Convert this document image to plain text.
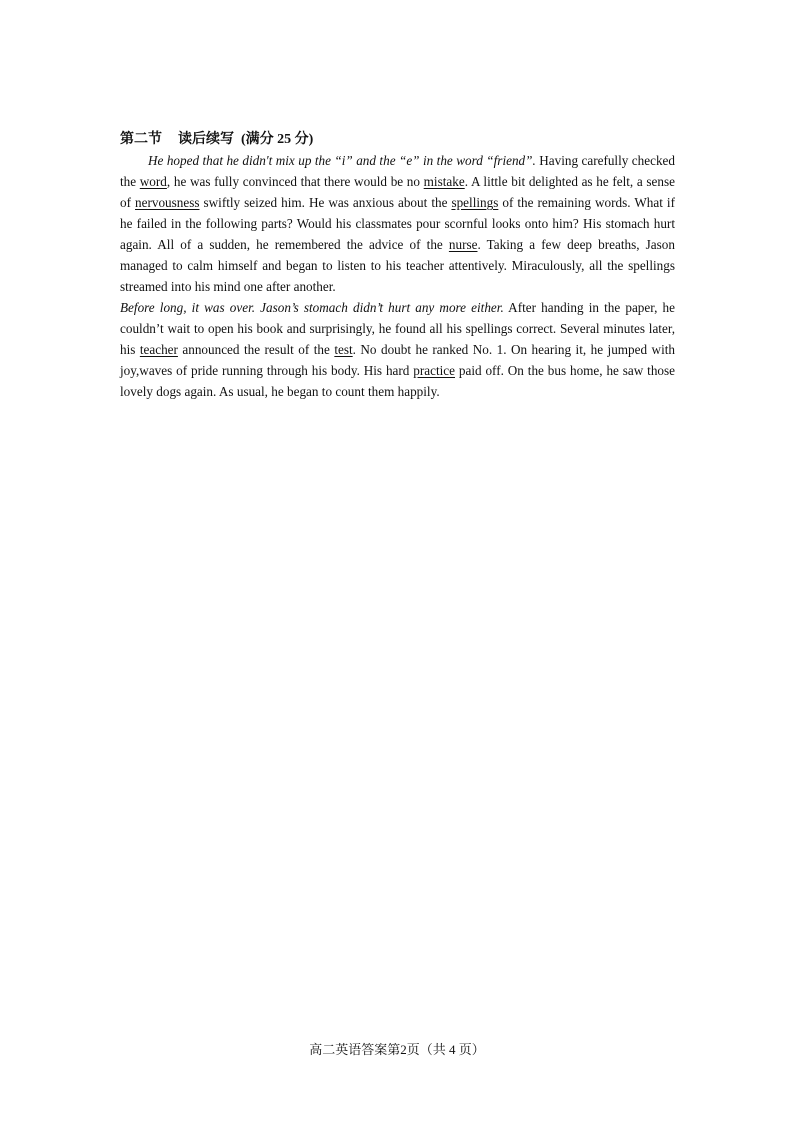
第二节 读后续写 (满分 25 分)

He hoped that he didn't mix up the “i” and the “e” in the word “friend”. Having carefully checked the word, he was fully convinced that there would be no mistake. A little bit delighted as he felt, a sense of nervousness swiftly seized him. He was anxious about the spellings of the remaining words. What if he failed in the following parts? Would his classmates pour scornful looks onto him? His stomach hurt again. All of a sudden, he remembered the advice of the nurse. Taking a few deep breaths, Jason managed to calm himself and began to listen to his teacher attentively. Miraculously, all the spellings streamed into his mind one after another.

Before long, it was over. Jason’s stomach didn’t hurt any more either. After handing in the paper, he couldn’t wait to open his book and surprisingly, he found all his spellings correct. Several minutes later, his teacher announced the result of the test. No doubt he ranked No. 1. On hearing it, he jumped with joy,waves of pride running through his body. His hard practice paid off. On the bus home, he saw those lovely dogs again. As usual, he began to count them happily.

高二英语答案第2页（共 4 页）
